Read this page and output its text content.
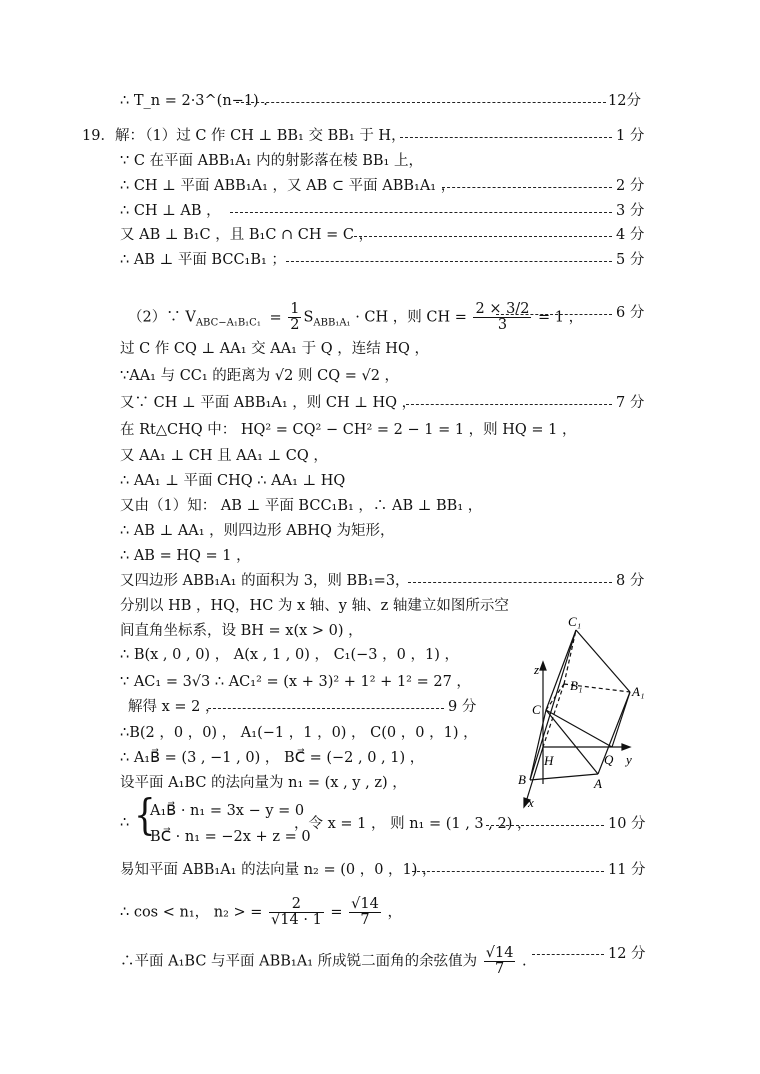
∴ T_n = 2·3^(n−1) .	12分
19．解：
（1）过 C 作 CH ⊥ BB₁ 交 BB₁ 于 H，	1 分
∵ C 在平面 ABB₁A₁ 内的射影落在棱 BB₁ 上，
∴ CH ⊥ 平面 ABB₁A₁ ，又 AB ⊂ 平面 ABB₁A₁ ，	2 分
∴ CH ⊥ AB ，	3 分
又 AB ⊥ B₁C ，且 B₁C ∩ CH = C ，	4 分
∴ AB ⊥ 平面 BCC₁B₁ ；	5 分
（2）∵ $V_{ABC-A_1B_1C_1} = \frac{1}{2} S_{ABB_1A_1}$ · CH ，则 CH = $\frac{2 \times 3/2}{3} = 1$ ， 6 分
过 C 作 CQ ⊥ AA₁ 交 AA₁ 于 Q ，连结 HQ ，
∵AA₁ 与 CC₁ 的距离为 √2 则 CQ = √2 ，
又∵ CH ⊥ 平面 ABB₁A₁ ，则 CH ⊥ HQ ，	7 分
在 Rt△CHQ 中： HQ² = CQ² − CH² = 2 − 1 = 1 ，则 HQ = 1 ，
又 AA₁ ⊥ CH 且 AA₁ ⊥ CQ ，
∴ AA₁ ⊥ 平面 CHQ ∴ AA₁ ⊥ HQ
又由（1）知： AB ⊥ 平面 BCC₁B₁ ，∴ AB ⊥ BB₁ ，
∴ AB ⊥ AA₁ ，则四边形 ABHQ 为矩形，
∴ AB = HQ = 1 ，
又四边形 ABB₁A₁ 的面积为 3，则 BB₁=3，	8 分
分别以 HB ，HQ，HC 为 x 轴、y 轴、z 轴建立如图所示空
间直角坐标系，设 BH = x(x > 0) ，
∴ B(x , 0 , 0) ， A(x , 1 , 0) ， C₁(−3 ，0 ，1) ，
∵ AC₁ = 3√3 ∴ AC₁² = (x + 3)² + 1² + 1² = 27 ，
解得 x = 2 ，	9 分
∴B(2 ，0 ，0) ， A₁(−1 ，1 ，0) ， C(0 ，0 ，1) ，
∴ A₁B⃗ = (3 , −1 , 0) ， BC⃗ = (−2 , 0 , 1) ，
设平面 A₁BC 的法向量为 n₁ = (x , y , z) ，
∴ {
A₁B⃗ · n₁ = 3x − y = 0
BC⃗ · n₁ = −2x + z = 0
，令 x = 1 ， 则 n₁ = (1 , 3 , 2) ，	10 分
易知平面 ABB₁A₁ 的法向量 n₂ = (0 ，0 ，1) ，	11 分
∴ cos < n₁， n₂ > = $\frac{2}{√14 \cdot 1} = \frac{√14}{7}$ ，
∴平面 A₁BC 与平面 ABB₁A₁ 所成锐二面角的余弦值为 $\frac{√14}{7}$ .	12 分
C₁
B₁	A₁
C
z
H	Q y
B	A
x
